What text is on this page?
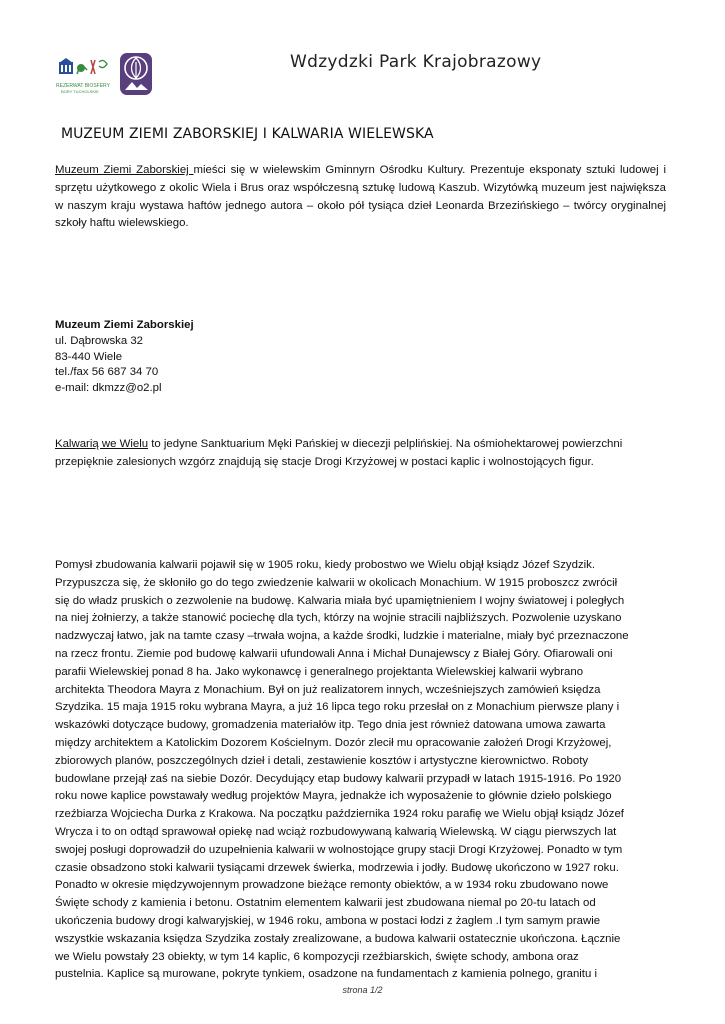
REZERWAT BIOSFERY
BORY TUCHOLSKIE
Wdzydzki Park Krajobrazowy
MUZEUM ZIEMI ZABORSKIEJ I KALWARIA WIELEWSKA
Muzeum Ziemi Zaborskiej mieści się w wielewskim Gminnyrn Ośrodku Kultury. Prezentuje eksponaty sztuki ludowej i sprzętu użytkowego z okolic Wiela i Brus oraz współczesną sztukę ludową Kaszub. Wizytówką muzeum jest największa w naszym kraju wystawa haftów jednego autora – około pół tysiąca dzieł Leonarda Brzezińskiego – twórcy oryginalnej szkoły haftu wielewskiego.
Muzeum Ziemi Zaborskiej
ul. Dąbrowska 32
83-440 Wiele
tel./fax 56 687 34 70
e-mail: dkmzz@o2.pl
Kalwarią we Wielu to jedyne Sanktuarium Męki Pańskiej w diecezji pelplińskiej. Na ośmiohektarowej powierzchni przepięknie zalesionych wzgórz znajdują się stacje Drogi Krzyżowej w postaci kaplic i wolnostojących figur.
Pomysł zbudowania kalwarii pojawił się w 1905 roku, kiedy probostwo we Wielu objął ksiądz Józef Szydzik.
Przypuszcza się, że skłoniło go do tego zwiedzenie kalwarii w okolicach Monachium. W 1915 proboszcz zwrócił
się do władz pruskich o zezwolenie na budowę. Kalwaria miała być upamiętnieniem I wojny światowej i poległych
na niej żołnierzy, a także stanowić pociechę dla tych, którzy na wojnie stracili najbliższych. Pozwolenie uzyskano
nadzwyczaj łatwo, jak na tamte czasy –trwała wojna, a każde środki, ludzkie i materialne, miały być przeznaczone
na rzecz frontu. Ziemie pod budowę kalwarii ufundowali Anna i Michał Dunajewscy z Białej Góry. Ofiarowali oni
parafii Wielewskiej ponad 8 ha. Jako wykonawcę i generalnego projektanta Wielewskiej kalwarii wybrano
architekta Theodora Mayra z Monachium. Był on już realizatorem innych, wcześniejszych zamówień księdza
Szydzika. 15 maja 1915 roku wybrana Mayra, a już 16 lipca tego roku przesłał on z Monachium pierwsze plany i
wskazówki dotyczące budowy, gromadzenia materiałów itp. Tego dnia jest również datowana umowa zawarta
między architektem a Katolickim Dozorem Kościelnym. Dozór zlecił mu opracowanie założeń Drogi Krzyżowej,
zbiorowych planów, poszczególnych dzieł i detali, zestawienie kosztów i artystyczne kierownictwo. Roboty
budowlane przejął zaś na siebie Dozór. Decydujący etap budowy kalwarii przypadł w latach 1915-1916. Po 1920
roku nowe kaplice powstawały według projektów Mayra, jednakże ich wyposażenie to głównie dzieło polskiego
rzeźbiarza Wojciecha Durka z Krakowa. Na początku października 1924 roku parafię we Wielu objął ksiądz Józef
Wryсza i to on odtąd sprawował opiekę nad wciąż rozbudowywaną kalwarią Wielewską. W ciągu pierwszych lat
swojej posługi doprowadził do uzupełnienia kalwarii w wolnostojące grupy stacji Drogi Krzyżowej. Ponadto w tym
czasie obsadzono stoki kalwarii tysiącami drzewek świerka, modrzewia i jodły. Budowę ukończono w 1927 roku.
Ponadto w okresie międzywojennym prowadzone bieżące remonty obiektów, a w 1934 roku zbudowano nowe
Święte schody z kamienia i betonu. Ostatnim elementem kalwarii jest zbudowana niemal po 20-tu latach od
ukończenia budowy drogi kalwaryjskiej, w 1946 roku, ambona w postaci łodzi z żaglem .I tym samym prawie
wszystkie wskazania księdza Szydzika zostały zrealizowane, a budowa kalwarii ostatecznie ukończona. Łącznie
we Wielu powstały 23 obiekty, w tym 14 kaplic, 6 kompozycji rzeźbiarskich, święte schody, ambona oraz
pustelnia. Kaplice są murowane, pokryte tynkiem, osadzone na fundamentach z kamienia polnego, granitu i
strona 1/2
